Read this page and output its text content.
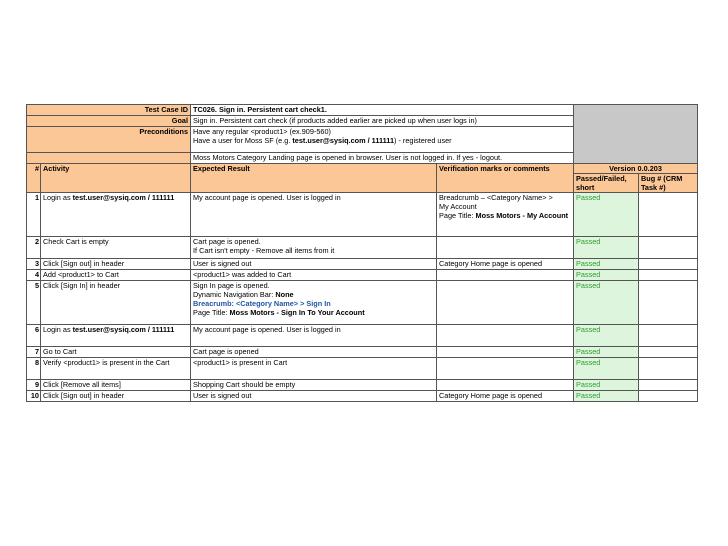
Test Case ID		TC026. Sign in. Persistent cart check1.			
Goal		Sign in. Persistent cart check (if products added earlier are picked up when user logs in)			
Preconditions		Have any regular <product1> (ex.909-560)
Have a user for Moss SF (e.g. test.user@sysiq.com / 111111) - registered user			

		Moss Motors Category Landing page is opened in browser. User is not logged in. If yes - logout.			
#	Activity	Expected Result	Verification marks or comments	Version 0.0.203	
				Passed/Failed, short	Bug # (CRM Task #)
1	Login as test.user@sysiq.com / 111111	My account page is opened. User is logged in	Breadcrumb – <Category Name> >
My Account
Page Title: Moss Motors - My Account	Passed	
2	Check Cart is empty	Cart page is opened.
If Cart isn't empty - Remove all items from it		Passed	
3	Click [Sign out] in header	User is signed out	Category Home page is opened	Passed	
4	Add <product1> to Cart	<product1> was added to Cart		Passed	
5	Click [Sign In] in header	Sign In page is opened.
Dynamic Navigation Bar: None
Breacrumb: <Category Name> > Sign In
Page Title: Moss Motors - Sign In To Your Account		Passed	
6	Login as test.user@sysiq.com / 111111	My account page is opened. User is logged in		Passed	
7	Go to Cart	Cart page is opened		Passed	
8	Verify <product1> is present in the Cart	<product1> is present in Cart		Passed	
9	Click [Remove all items]	Shopping Cart should be empty		Passed	
10	Click [Sign out] in header	User is signed out	Category Home page is opened	Passed	
